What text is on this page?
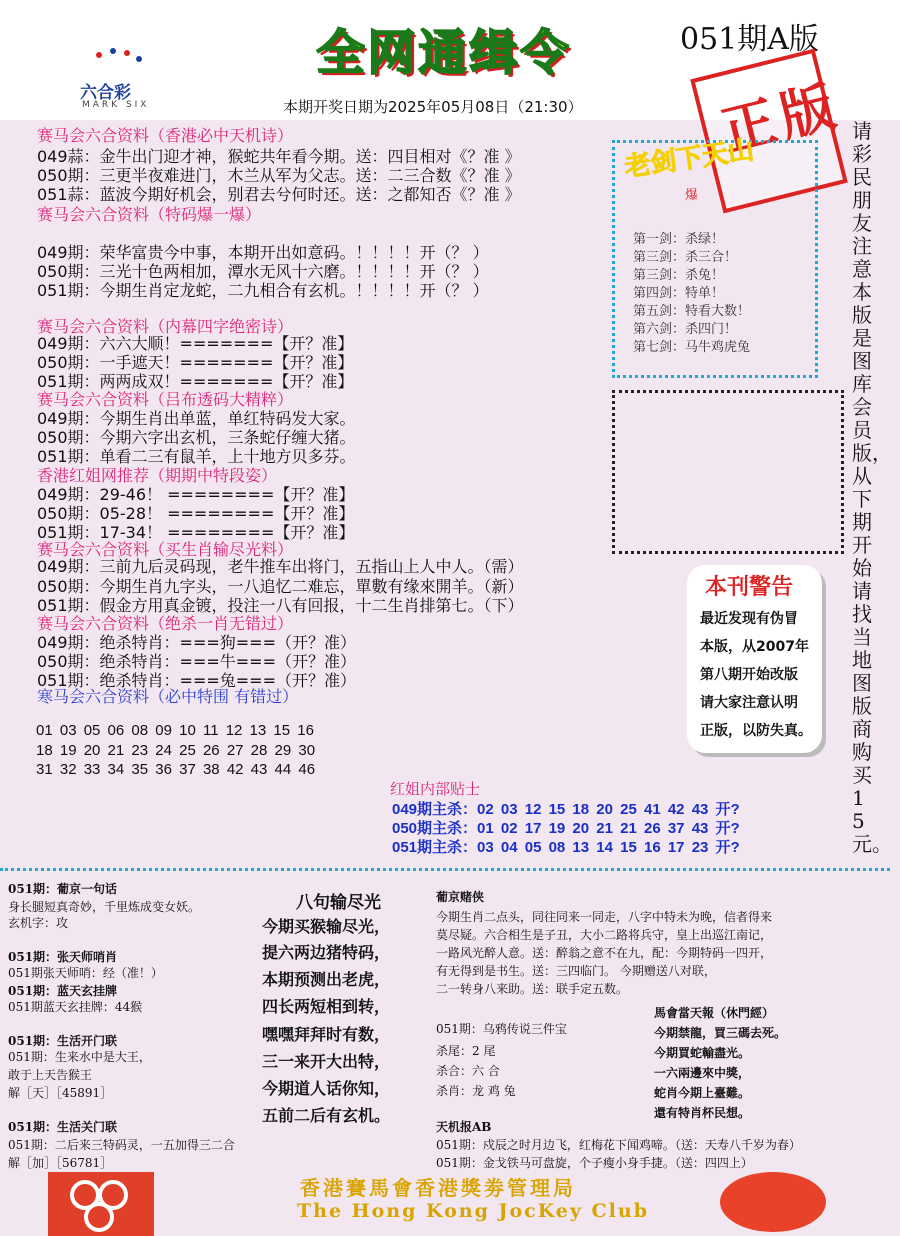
六合彩
MARK SIX
全网通缉令	051期A版
本期开奖日期为2025年05月08日（21:30） 正版
赛马会六合资料（香港必中天机诗）
049蒜：金牛出门迎才神，猴蛇共年看今期。送：四目相对《？准 》
050期：三更半夜难进门，木兰从军为父志。送：二三合数《？准 》
051蒜：蓝波今期好机会，别君去兮何时还。送：之都知否《？准 》
赛马会六合资料（特码爆一爆）
049期：荣华富贵今中事，本期开出如意码。！！！！开（？ ）
050期：三光十色两相加，潭水无风十六磨。！！！！开（？ ）
051期：今期生肖定龙蛇，二九相合有玄机。！！！！开（？ ）
赛马会六合资料（内幕四字绝密诗）
049期：六六大顺！=======【开？准】
050期：一手遮天！=======【开？准】
051期：两两成双！=======【开？准】
赛马会六合资料（吕布透码大精粹）
049期：今期生肖出单蓝，单红特码发大家。
050期：今期六字出玄机，三条蛇仔缠大猪。
051期：单看二三有鼠羊，上十地方贝多芬。
香港红姐网推荐（期期中特段姿）
049期：29-46！ ========【开？准】
050期：05-28！ ========【开？准】
051期：17-34！ ========【开？准】
赛马会六合资料（买生肖输尽光料）
049期：三前九后灵码现，老牛推车出将门，五指山上人中人。（需）
050期：今期生肖九字头，一八追忆二难忘，單數有缘來開羊。（新）
051期：假金方用真金镀，投注一八有回报，十二生肖排第七。（下）
赛马会六合资料（绝杀一肖无错过）
049期：绝杀特肖：===狗===（开？准）
050期：绝杀特肖：===牛===（开？准）
051期：绝杀特肖：===兔===（开？准）
寒马会六合资料（必中特围 有错过）
01 03 05 06 08 09 10 11 12 13 15 16
18 19 20 21 23 24 25 26 27 28 29 30
31 32 33 34 35 36 37 38 42 43 44 46
老剑下天山
爆
第一剑：杀绿！
第三剑：杀三合！
第三剑：杀兔！
第四剑：特单！
第五剑：特看大数！
第六剑：杀四门！
第七剑：马牛鸡虎兔
请彩民朋友注意本版是图库会员版，从下期开始请找当地图版商购买15元。
本刊警告
最近发现有伪冒
本版，从2007年
第八期开始改版
请大家注意认明
正版，以防失真。
红姐内部贴士
049期主杀：02 03 12 15 18 20 25 41 42 43 开?
050期主杀：01 02 17 19 20 21 21 26 37 43 开?
051期主杀：03 04 05 08 13 14 15 16 17 23 开?
051期：葡京一句话
身长腿短真奇妙，千里炼成变女妖。
玄机字：攻
051期：张天师哨肖
051期张天师哨：经（准！）
051期：蓝天玄挂牌
051期蓝天玄挂牌：44猴
051期：生活开门联
051期：生来水中是大王，
敢于上天告猴王
解［天］［45891］
051期：生活关门联
051期：二后来三特码灵，一五加得三二合
解［加］［56781］
八句输尽光
今期买猴输尽光，
提六两边猪特码，
本期预测出老虎，
四长两短相到转，
嘿嘿拜拜时有数，
三一来开大出特，
今期道人话你知，
五前二后有玄机。
葡京赌侠
今期生肖二点头，同往同来一同走，八字中特未为晚，信者得来
莫尽疑。六合相生是子丑，大小二路将兵守，皇上出巡江南记，
一路风光醉人意。送：醉翁之意不在九，配：今期特码一四开，
有无得到是书生。送：三四临门。 今期赠送八对联，
二一转身八来助。送：联手定五数。
051期：乌鸦传说三件宝
杀尾：2 尾
杀合：六 合
杀肖：龙 鸡 兔
馬會當天報（休門經）
今期禁龍，買三碼去死。
今期買蛇輸盡光。
一六兩邊來中獎，
蛇肖今期上臺難。
還有特肖杯民想。
天机报AB
051期：戍辰之时月边飞，红梅花下闻鸡啼。（送：天寿八千岁为春）
051期：金戈铁马可盘旋，个子瘦小身手捷。（送：四四上）
香港賽馬會香港獎劵管理局
The Hong Kong JocKey Club
